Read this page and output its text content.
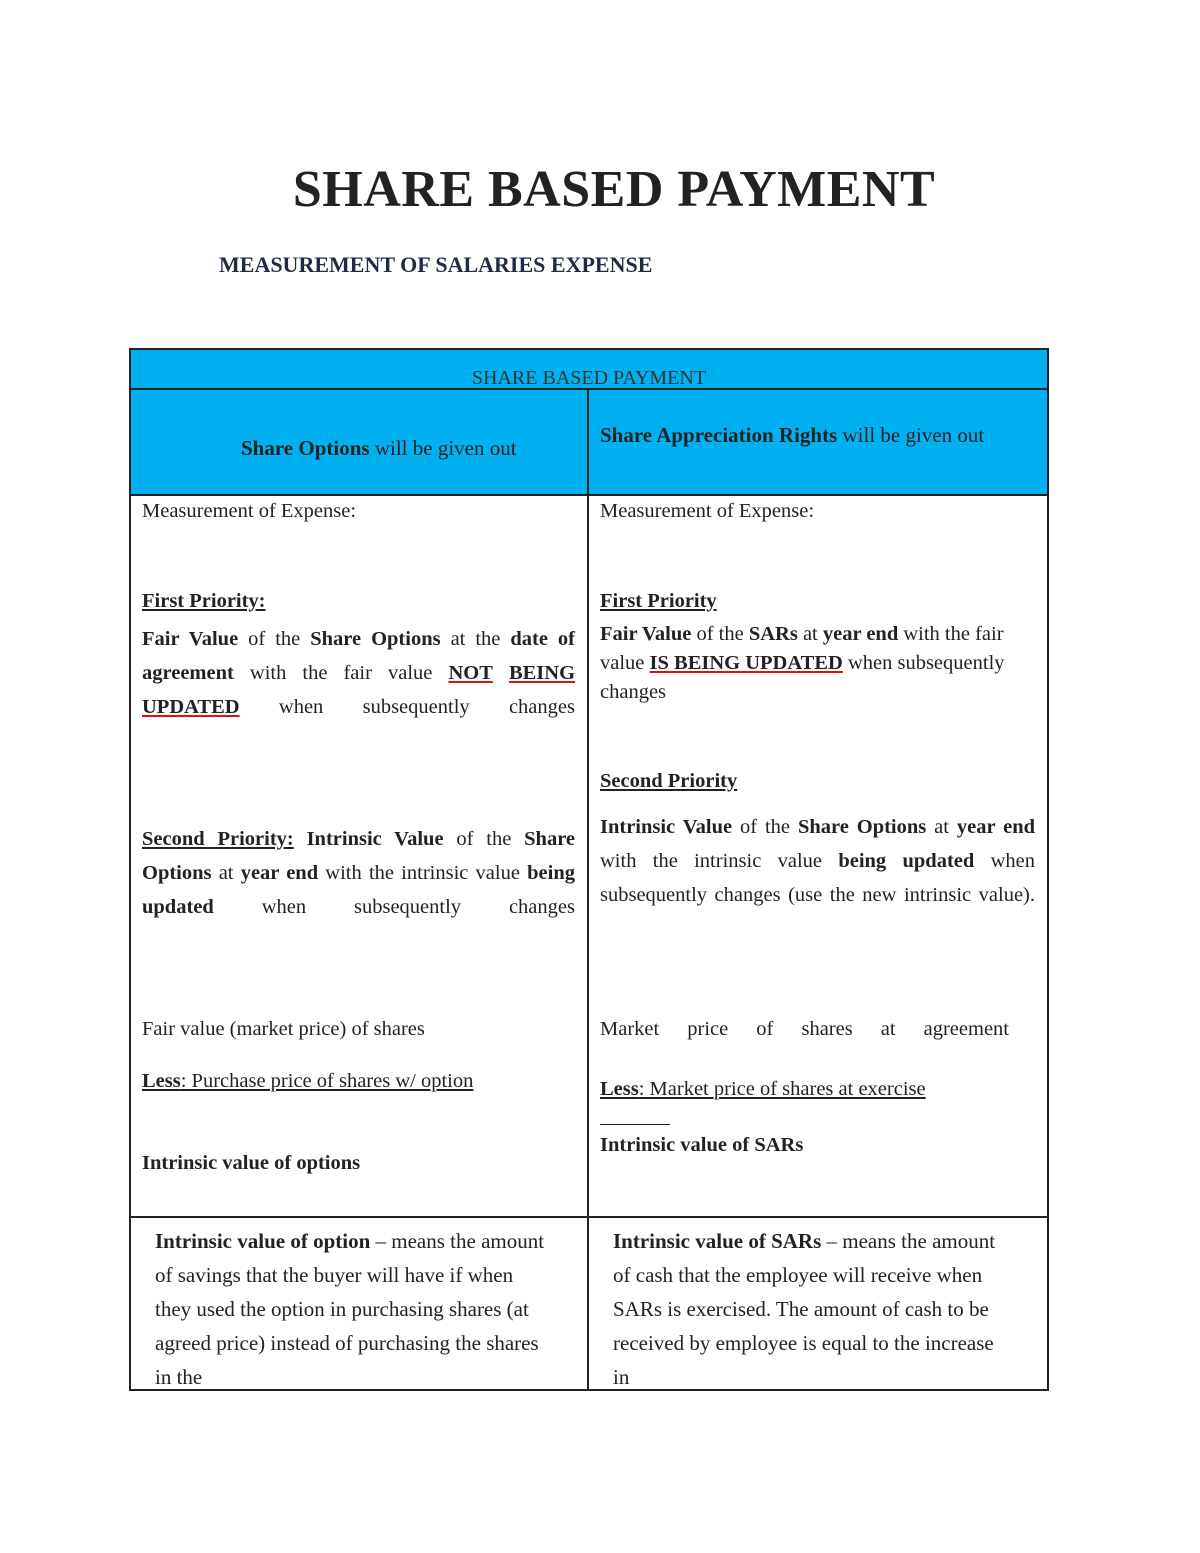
SHARE BASED PAYMENT
MEASUREMENT OF SALARIES EXPENSE
SHARE BASED PAYMENT
Share Options will be given out
Share Appreciation Rights will be given out

Measurement of Expense:

First Priority:

Fair Value of the Share Options at the date of agreement with the fair value NOT BEING UPDATED when subsequently changes

Second Priority: Intrinsic Value of the Share Options at year end with the intrinsic value being updated when subsequently changes

Fair value (market price) of shares

Less: Purchase price of shares w/ option

Intrinsic value of options

Measurement of Expense:

First Priority

Fair Value of the SARs at year end with the fair value IS BEING UPDATED when subsequently changes

Second Priority

Intrinsic Value of the Share Options at year end with the intrinsic value being updated when subsequently changes (use the new intrinsic value).

Market price of shares at agreement

Less: Market price of shares at exercise

Intrinsic value of SARs

Intrinsic value of option – means the amount of savings that the buyer will have if when they used the option in purchasing shares (at agreed price) instead of purchasing the shares in the
Intrinsic value of SARs – means the amount of cash that the employee will receive when SARs is exercised. The amount of cash to be received by employee is equal to the increase in
